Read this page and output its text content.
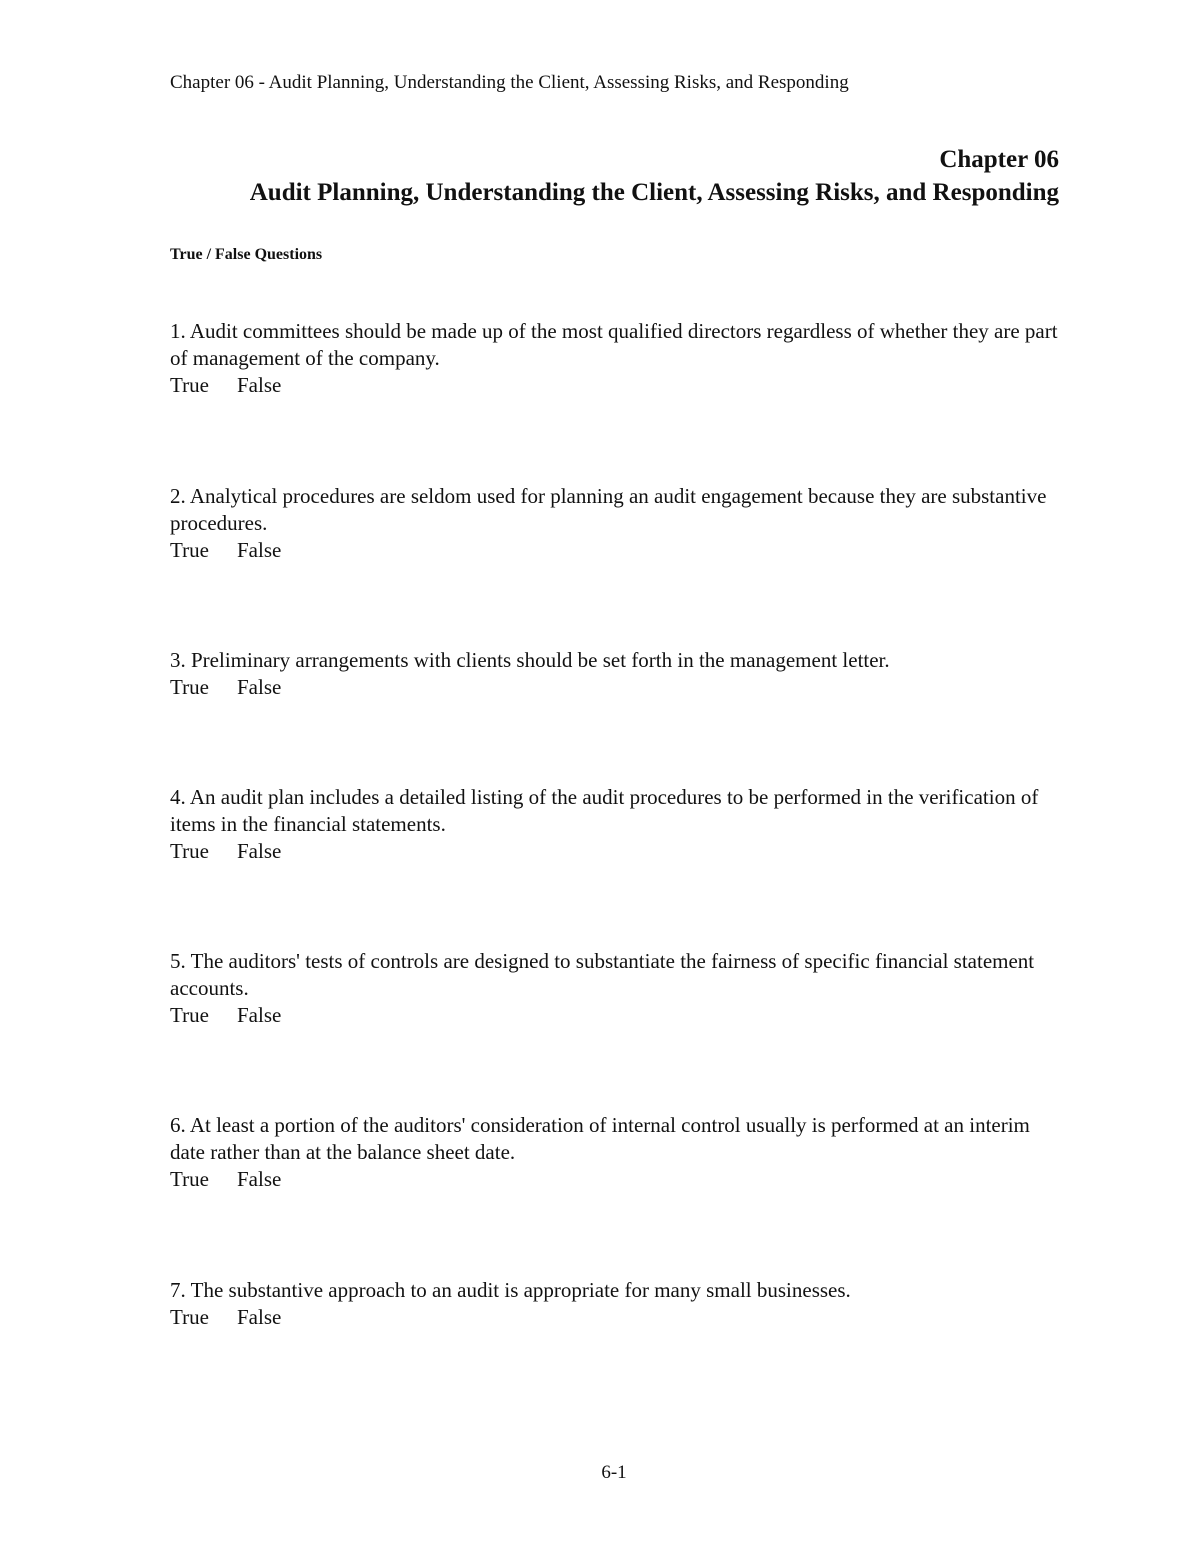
Chapter 06 - Audit Planning, Understanding the Client, Assessing Risks, and Responding
Chapter 06
Audit Planning, Understanding the Client, Assessing Risks, and Responding
True / False Questions
1. Audit committees should be made up of the most qualified directors regardless of whether they are part of management of the company.
True False
2. Analytical procedures are seldom used for planning an audit engagement because they are substantive procedures.
True False
3. Preliminary arrangements with clients should be set forth in the management letter.
True False
4. An audit plan includes a detailed listing of the audit procedures to be performed in the verification of items in the financial statements.
True False
5. The auditors' tests of controls are designed to substantiate the fairness of specific financial statement accounts.
True False
6. At least a portion of the auditors' consideration of internal control usually is performed at an interim date rather than at the balance sheet date.
True False
7. The substantive approach to an audit is appropriate for many small businesses.
True False
6-1
